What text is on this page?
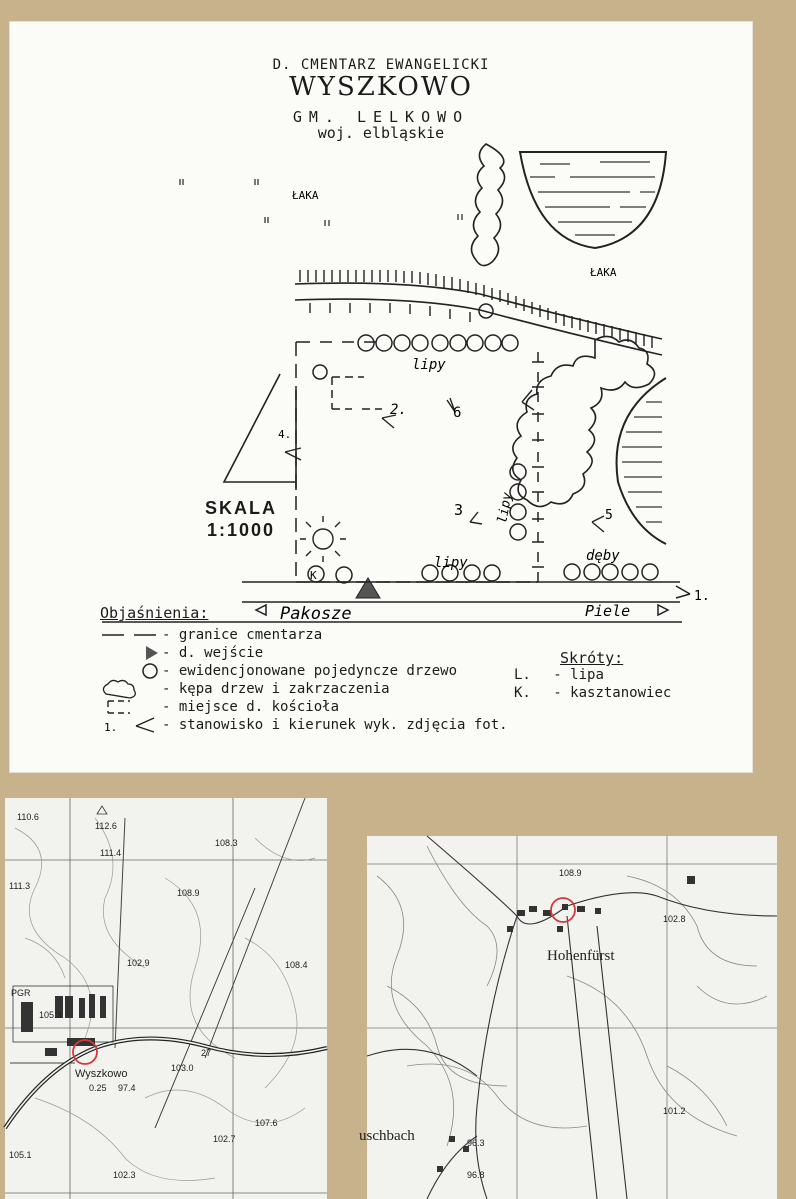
D. CMENTARZ EWANGELICKI
WYSZKOWO
GM. LELKOWO
woj. elbląskie
ŁAKA
ŁAKA
lipy
lipy
dęby
lipy
K
2.	6
3
4.
5
1.
Pakosze	Piele
SKALA
1:1000
Objaśnienia:
- granice cmentarza
- d. wejście
- ewidencjonowane pojedyncze drzewo
- kępa drzew i zakrzaczenia
- miejsce d. kościoła
1.	- stanowisko i kierunek wyk. zdjęcia fot.
Skróty:
L. - lipa
K. - kasztanowiec
110.6
112.6
108.3
111.4
111.3
108.9
102.9	108.4
PGR
105.3
103.0
27
Wyszkowo
0.25 97.4
107.6
102.7
105.1
102.3
Hohenfürst
uschbach
108.9
102.8
96.3
96.8
101.2
